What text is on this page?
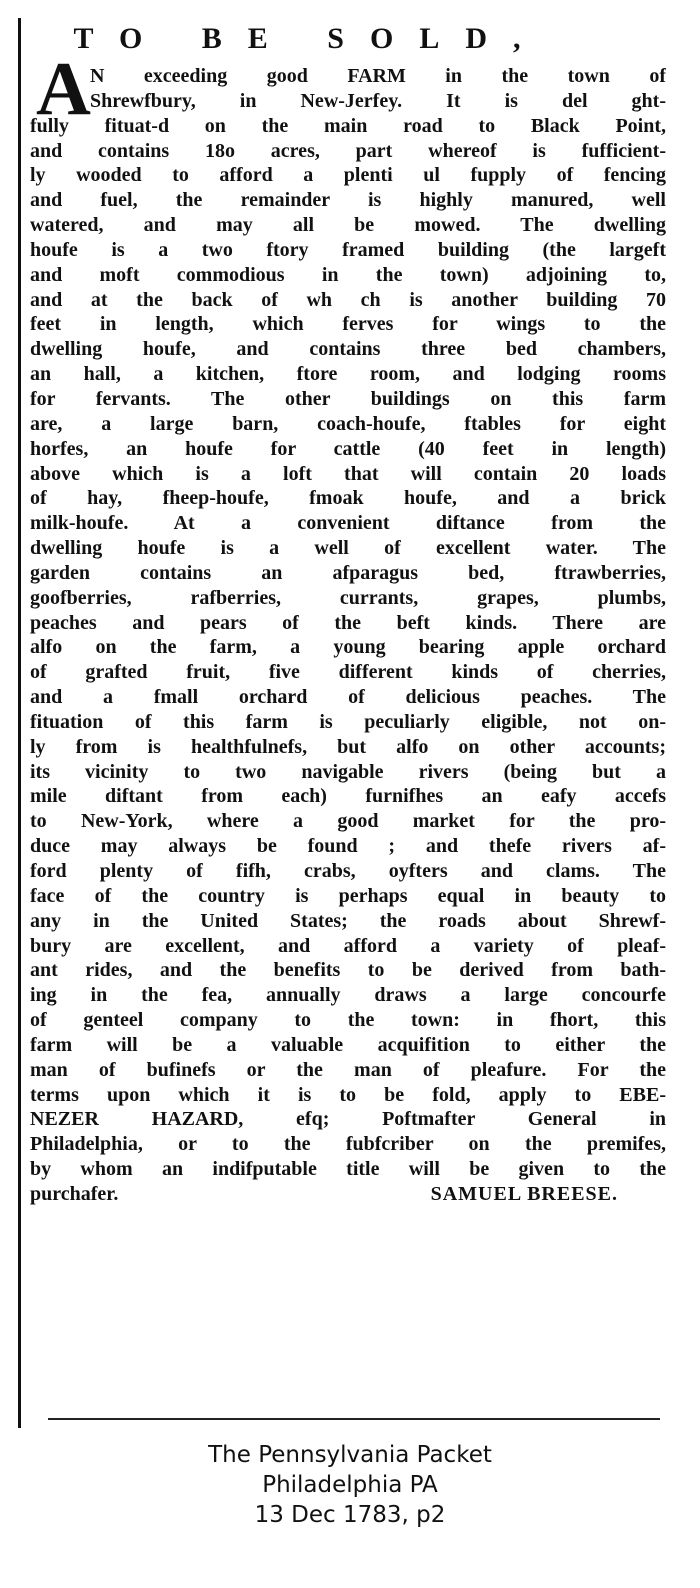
TO BE SOLD,
A N exceeding good FARM in the town of
Shrewfbury, in New-Jerfey. It is del ght-
fully fituat-d on the main road to Black Point,
and contains 18o acres, part whereof is fufficient-
ly wooded to afford a plenti ul fupply of fencing
and fuel, the remainder is highly manured, well
watered, and may all be mowed. The dwelling
houfe is a two ftory framed building (the largeft
and moft commodious in the town) adjoining to,
and at the back of wh ch is another building 70
feet in length, which ferves for wings to the
dwelling houfe, and contains three bed chambers,
an hall, a kitchen, ftore room, and lodging rooms
for fervants. The other buildings on this farm
are, a large barn, coach-houfe, ftables for eight
horfes, an houfe for cattle (40 feet in length)
above which is a loft that will contain 20 loads
of hay, fheep-houfe, fmoak houfe, and a brick
milk-houfe. At a convenient diftance from the
dwelling houfe is a well of excellent water. The
garden contains an afparagus bed, ftrawberries,
goofberries, rafberries, currants, grapes, plumbs,
peaches and pears of the beft kinds. There are
alfo on the farm, a young bearing apple orchard
of grafted fruit, five different kinds of cherries,
and a fmall orchard of delicious peaches. The
fituation of this farm is peculiarly eligible, not on-
ly from is healthfulnefs, but alfo on other accounts;
its vicinity to two navigable rivers (being but a
mile diftant from each) furnifhes an eafy accefs
to New-York, where a good market for the pro-
duce may always be found ; and thefe rivers af-
ford plenty of fifh, crabs, oyfters and clams. The
face of the country is perhaps equal in beauty to
any in the United States; the roads about Shrewf-
bury are excellent, and afford a variety of pleaf-
ant rides, and the benefits to be derived from bath-
ing in the fea, annually draws a large concourfe
of genteel company to the town: in fhort, this
farm will be a valuable acquifition to either the
man of bufinefs or the man of pleafure. For the
terms upon which it is to be fold, apply to EBE-
NEZER HAZARD, efq; Poftmafter General in
Philadelphia, or to the fubfcriber on the premifes,
by whom an indifputable title will be given to the
purchafer.	SAMUEL BREESE.
The Pennsylvania Packet
Philadelphia PA
13 Dec 1783, p2
